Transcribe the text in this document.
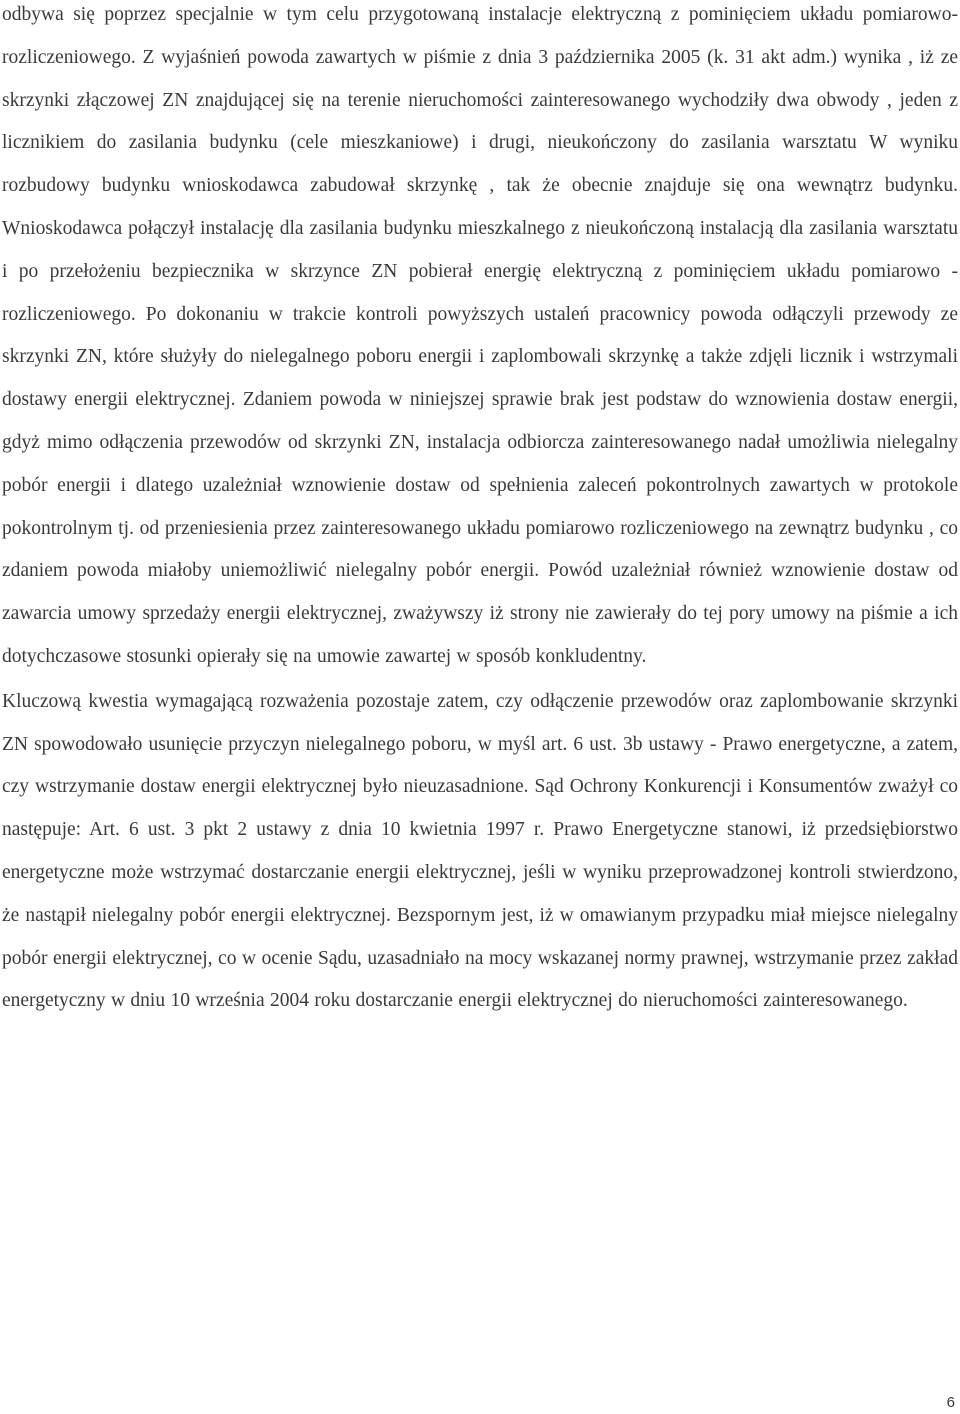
odbywa się poprzez specjalnie w tym celu przygotowaną instalacje elektryczną z pominięciem układu pomiarowo-rozliczeniowego. Z wyjaśnień powoda zawartych w piśmie z dnia 3 października 2005 (k. 31 akt adm.) wynika , iż ze skrzynki złączowej ZN znajdującej się na terenie nieruchomości zainteresowanego wychodziły dwa obwody , jeden z licznikiem do zasilania budynku (cele mieszkaniowe) i drugi, nieukończony do zasilania warsztatu W wyniku rozbudowy budynku wnioskodawca zabudował skrzynkę , tak że obecnie znajduje się ona wewnątrz budynku. Wnioskodawca połączył instalację dla zasilania budynku mieszkalnego z nieukończoną instalacją dla zasilania warsztatu i po przełożeniu bezpiecznika w skrzynce ZN pobierał energię elektryczną z pominięciem układu pomiarowo - rozliczeniowego. Po dokonaniu w trakcie kontroli powyższych ustaleń pracownicy powoda odłączyli przewody ze skrzynki ZN, które służyły do nielegalnego poboru energii i zaplombowali skrzynkę a także zdjęli licznik i wstrzymali dostawy energii elektrycznej. Zdaniem powoda w niniejszej sprawie brak jest podstaw do wznowienia dostaw energii, gdyż mimo odłączenia przewodów od skrzynki ZN, instalacja odbiorcza zainteresowanego nadał umożliwia nielegalny pobór energii i dlatego uzależniał wznowienie dostaw od spełnienia zaleceń pokontrolnych zawartych w protokole pokontrolnym tj. od przeniesienia przez zainteresowanego układu pomiarowo rozliczeniowego na zewnątrz budynku , co zdaniem powoda miałoby uniemożliwić nielegalny pobór energii. Powód uzależniał również wznowienie dostaw od zawarcia umowy sprzedaży energii elektrycznej, zważywszy iż strony nie zawierały do tej pory umowy na piśmie a ich dotychczasowe stosunki opierały się na umowie zawartej w sposób konkludentny.

Kluczową kwestia wymagającą rozważenia pozostaje zatem, czy odłączenie przewodów oraz zaplombowanie skrzynki ZN spowodowało usunięcie przyczyn nielegalnego poboru, w myśl art. 6 ust. 3b ustawy - Prawo energetyczne, a zatem, czy wstrzymanie dostaw energii elektrycznej było nieuzasadnione. Sąd Ochrony Konkurencji i Konsumentów zważył co następuje: Art. 6 ust. 3 pkt 2 ustawy z dnia 10 kwietnia 1997 r. Prawo Energetyczne stanowi, iż przedsiębiorstwo energetyczne może wstrzymać dostarczanie energii elektrycznej, jeśli w wyniku przeprowadzonej kontroli stwierdzono, że nastąpił nielegalny pobór energii elektrycznej. Bezspornym jest, iż w omawianym przypadku miał miejsce nielegalny pobór energii elektrycznej, co w ocenie Sądu, uzasadniało na mocy wskazanej normy prawnej, wstrzymanie przez zakład energetyczny w dniu 10 września 2004 roku dostarczanie energii elektrycznej do nieruchomości zainteresowanego.

6
